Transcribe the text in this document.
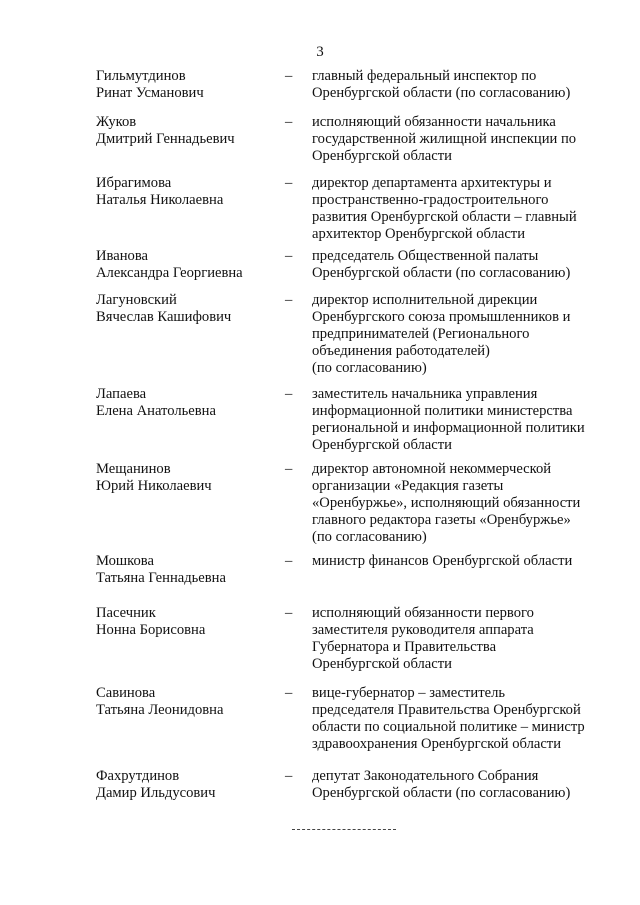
3
Гильмутдинов
Ринат Усманович
– главный федеральный инспектор по
Оренбургской области (по согласованию)
Жуков
Дмитрий Геннадьевич
– исполняющий обязанности начальника
государственной жилищной инспекции по
Оренбургской области
Ибрагимова
Наталья Николаевна
– директор департамента архитектуры и
пространственно-градостроительного
развития Оренбургской области – главный
архитектор Оренбургской области
Иванова
Александра Георгиевна
– председатель Общественной палаты
Оренбургской области (по согласованию)
Лагуновский
Вячеслав Кашифович
– директор исполнительной дирекции
Оренбургского союза промышленников и
предпринимателей (Регионального
объединения работодателей)
(по согласованию)
Лапаева
Елена Анатольевна
– заместитель начальника управления
информационной политики министерства
региональной и информационной политики
Оренбургской области
Мещанинов
Юрий Николаевич
– директор автономной некоммерческой
организации «Редакция газеты
«Оренбуржье», исполняющий обязанности
главного редактора газеты «Оренбуржье»
(по согласованию)
Мошкова
Татьяна Геннадьевна
– министр финансов Оренбургской области
Пасечник
Нонна Борисовна
– исполняющий обязанности первого
заместителя руководителя аппарата
Губернатора и Правительства
Оренбургской области
Савинова
Татьяна Леонидовна
– вице-губернатор – заместитель
председателя Правительства Оренбургской
области по социальной политике – министр
здравоохранения Оренбургской области
Фахрутдинов
Дамир Ильдусович
– депутат Законодательного Собрания
Оренбургской области (по согласованию)
